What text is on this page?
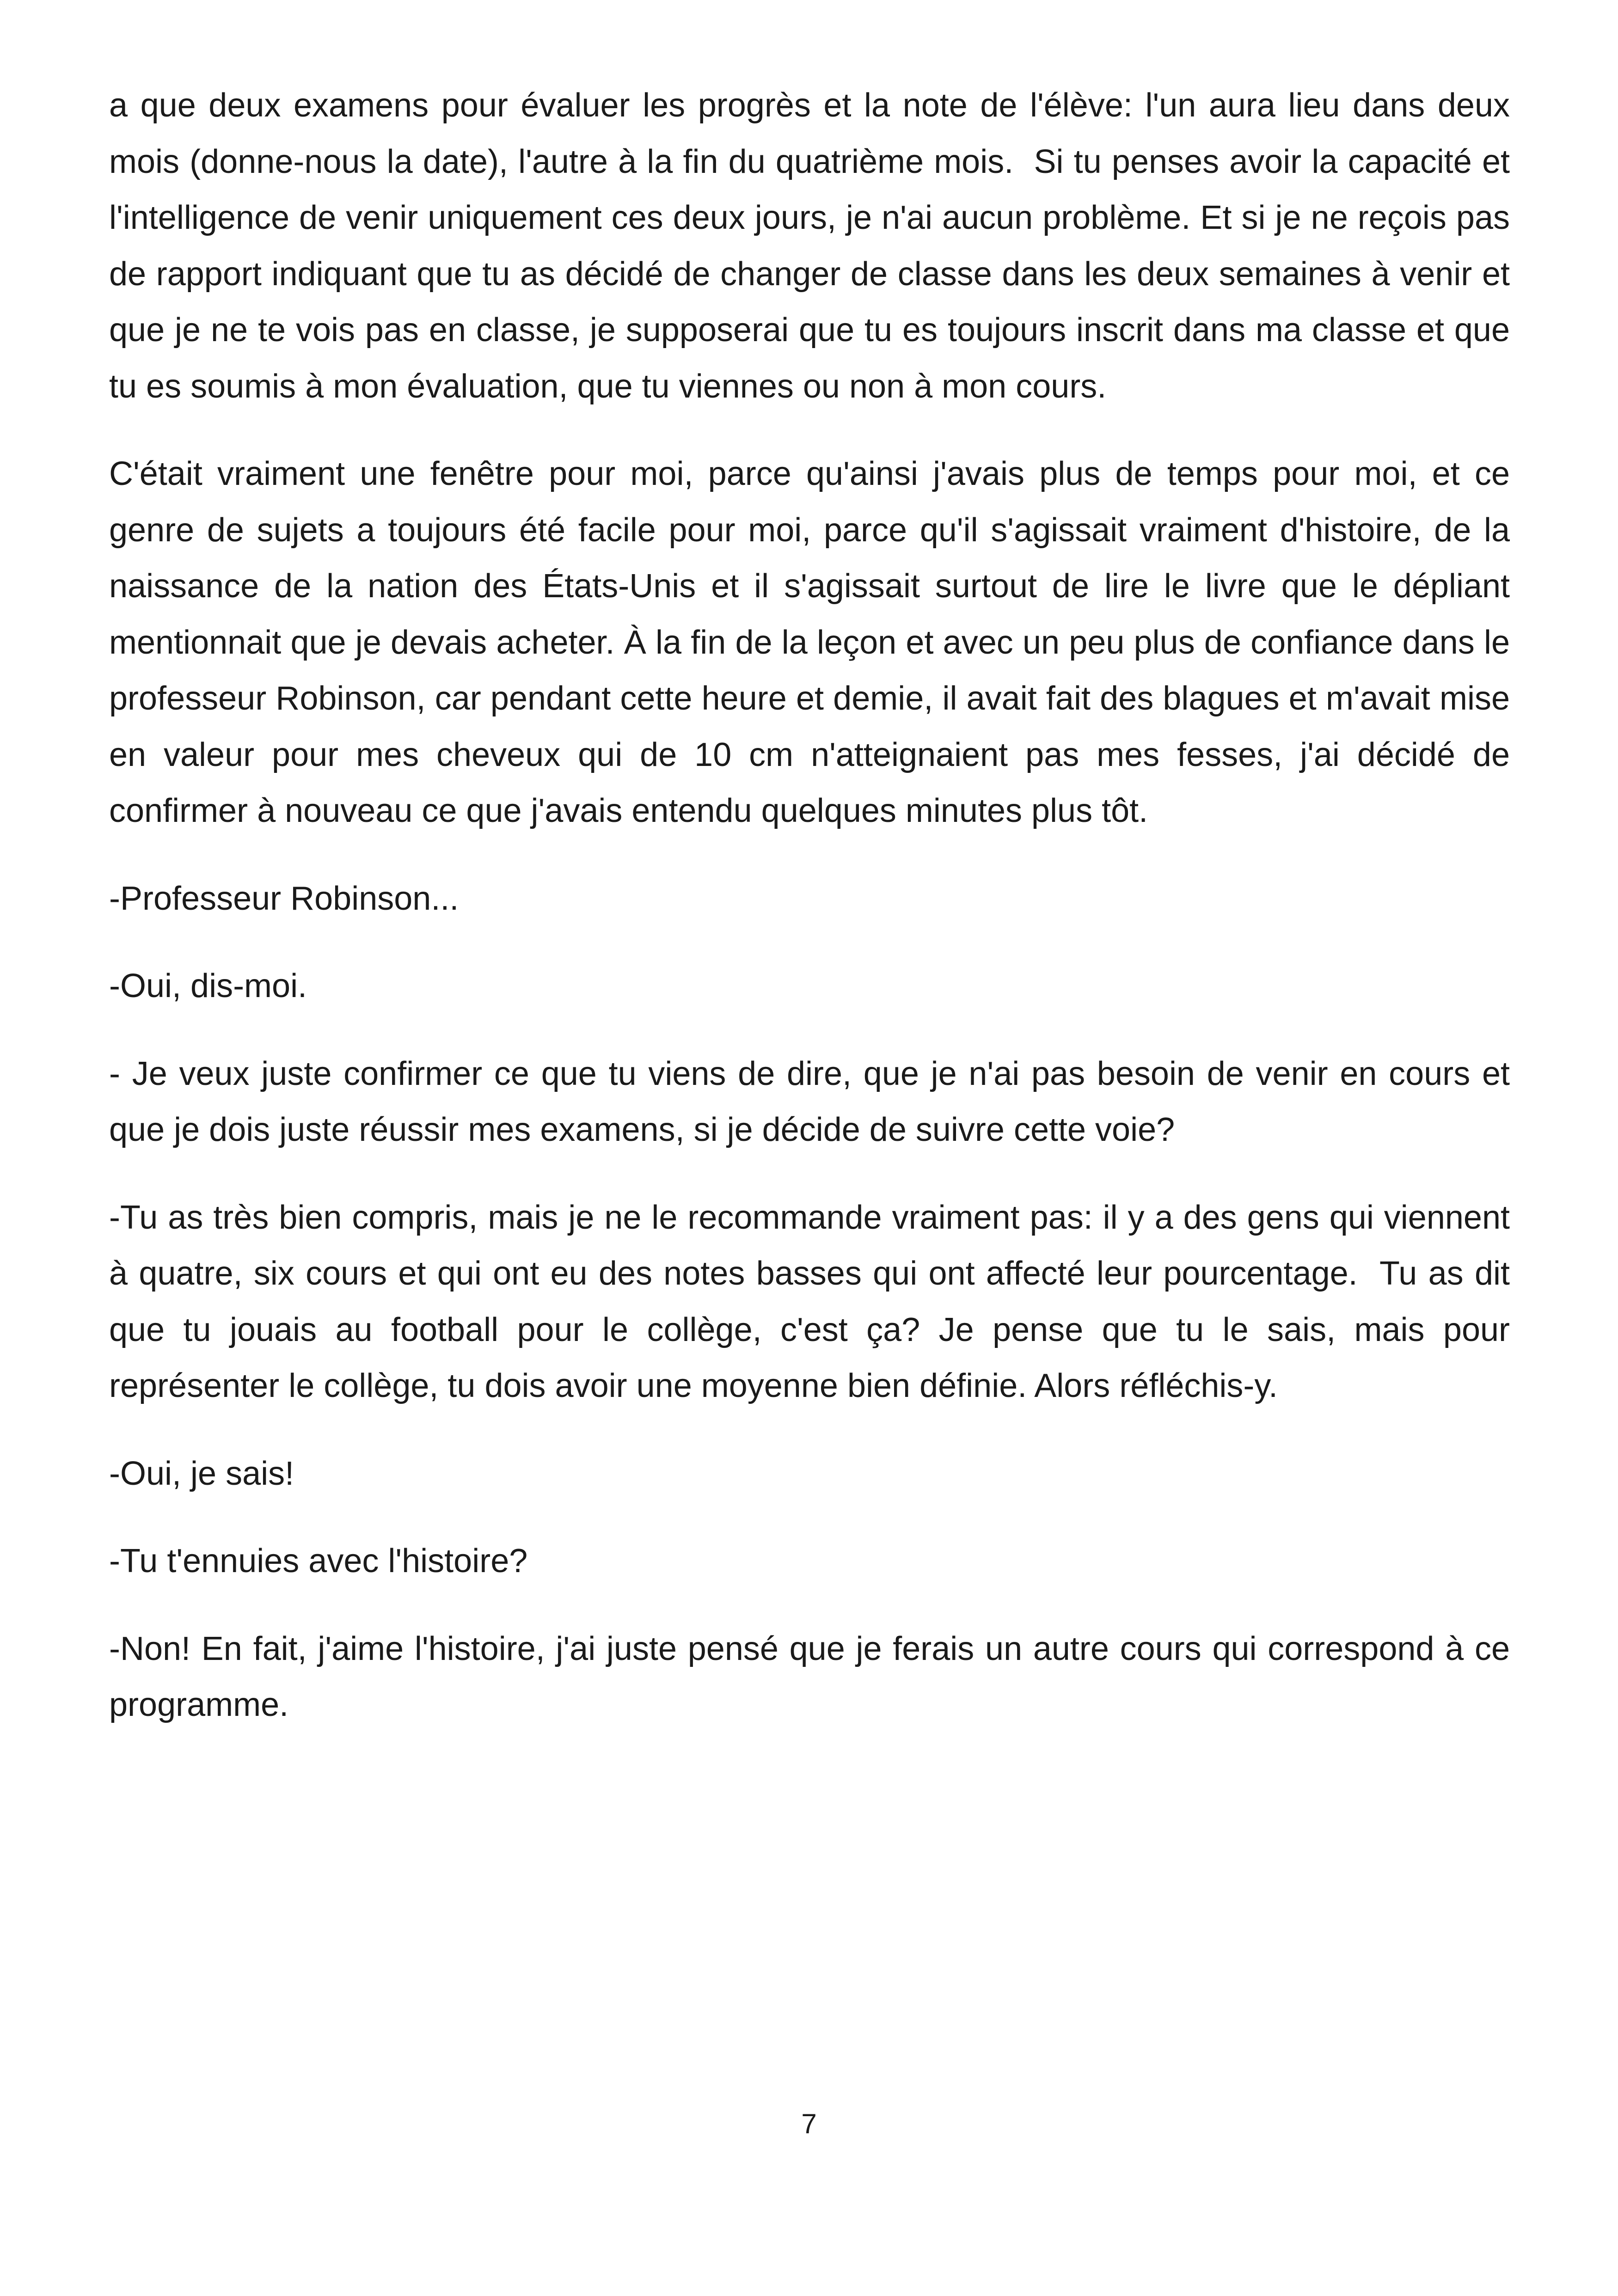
a que deux examens pour évaluer les progrès et la note de l'élève: l'un aura lieu dans deux mois (donne-nous la date), l'autre à la fin du quatrième mois.  Si tu penses avoir la capacité et l'intelligence de venir uniquement ces deux jours, je n'ai aucun problème. Et si je ne reçois pas de rapport indiquant que tu as décidé de changer de classe dans les deux semaines à venir et que je ne te vois pas en classe, je supposerai que tu es toujours inscrit dans ma classe et que tu es soumis à mon évaluation, que tu viennes ou non à mon cours.

C'était vraiment une fenêtre pour moi, parce qu'ainsi j'avais plus de temps pour moi, et ce genre de sujets a toujours été facile pour moi, parce qu'il s'agissait vraiment d'histoire, de la naissance de la nation des États-Unis et il s'agissait surtout de lire le livre que le dépliant mentionnait que je devais acheter. À la fin de la leçon et avec un peu plus de confiance dans le professeur Robinson, car pendant cette heure et demie, il avait fait des blagues et m'avait mise en valeur pour mes cheveux qui de 10 cm n'atteignaient pas mes fesses, j'ai décidé de confirmer à nouveau ce que j'avais entendu quelques minutes plus tôt.

-Professeur Robinson...

-Oui, dis-moi.

- Je veux juste confirmer ce que tu viens de dire, que je n'ai pas besoin de venir en cours et que je dois juste réussir mes examens, si je décide de suivre cette voie?

-Tu as très bien compris, mais je ne le recommande vraiment pas: il y a des gens qui viennent à quatre, six cours et qui ont eu des notes basses qui ont affecté leur pourcentage.  Tu as dit que tu jouais au football pour le collège, c'est ça? Je pense que tu le sais, mais pour représenter le collège, tu dois avoir une moyenne bien définie. Alors réfléchis-y.

-Oui, je sais!

-Tu t'ennuies avec l'histoire?

-Non! En fait, j'aime l'histoire, j'ai juste pensé que je ferais un autre cours qui correspond à ce programme.

7
